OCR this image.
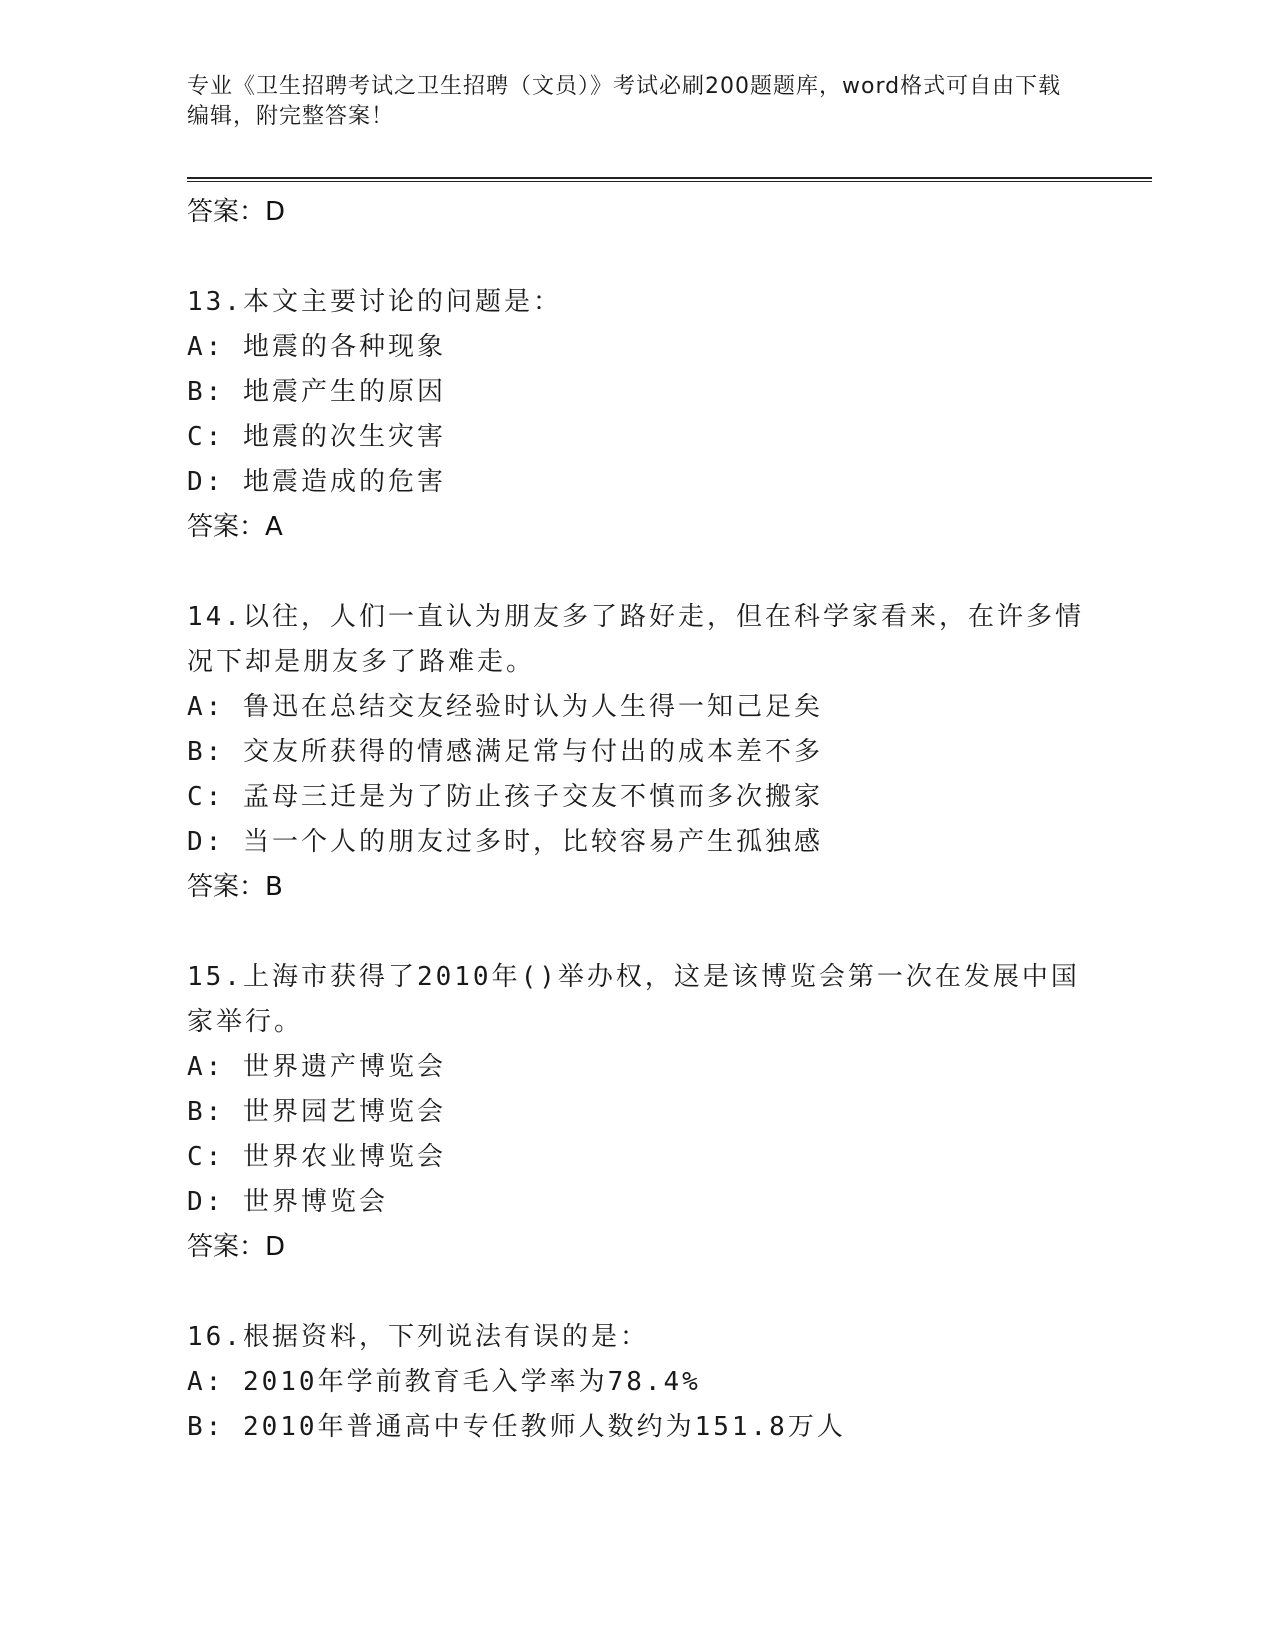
专业《卫生招聘考试之卫生招聘（文员）》考试必刷200题题库，word格式可自由下载编辑，附完整答案！
答案：D
13.本文主要讨论的问题是：
A: 地震的各种现象
B: 地震产生的原因
C: 地震的次生灾害
D: 地震造成的危害
答案：A
14.以往，人们一直认为朋友多了路好走，但在科学家看来，在许多情况下却是朋友多了路难走。
A: 鲁迅在总结交友经验时认为人生得一知己足矣
B: 交友所获得的情感满足常与付出的成本差不多
C: 孟母三迁是为了防止孩子交友不慎而多次搬家
D: 当一个人的朋友过多时，比较容易产生孤独感
答案：B
15.上海市获得了2010年()举办权，这是该博览会第一次在发展中国家举行。
A: 世界遗产博览会
B: 世界园艺博览会
C: 世界农业博览会
D: 世界博览会
答案：D
16.根据资料，下列说法有误的是：
A: 2010年学前教育毛入学率为78.4%
B: 2010年普通高中专任教师人数约为151.8万人
